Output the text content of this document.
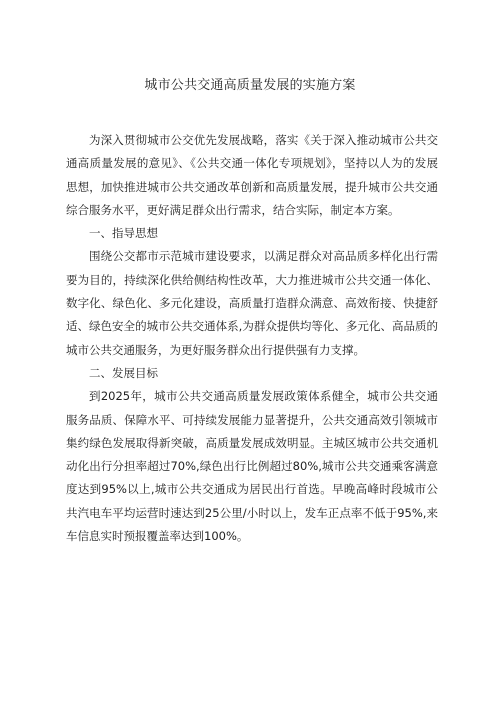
城市公共交通高质量发展的实施方案

为深入贯彻城市公交优先发展战略，落实《关于深入推动城市公共交通高质量发展的意见》、《公共交通一体化专项规划》，坚持以人为的发展思想，加快推进城市公共交通改革创新和高质量发展，提升城市公共交通综合服务水平，更好满足群众出行需求，结合实际，制定本方案。

一、指导思想

围绕公交都市示范城市建设要求，以满足群众对高品质多样化出行需要为目的，持续深化供给侧结构性改革，大力推进城市公共交通一体化、数字化、绿色化、多元化建设，高质量打造群众满意、高效衔接、快捷舒适、绿色安全的城市公共交通体系,为群众提供均等化、多元化、高品质的城市公共交通服务，为更好服务群众出行提供强有力支撑。

二、发展目标

到2025年，城市公共交通高质量发展政策体系健全，城市公共交通服务品质、保障水平、可持续发展能力显著提升，公共交通高效引领城市集约绿色发展取得新突破，高质量发展成效明显。主城区城市公共交通机动化出行分担率超过70%,绿色出行比例超过80%,城市公共交通乘客满意度达到95%以上,城市公共交通成为居民出行首选。早晚高峰时段城市公共汽电车平均运营时速达到25公里/小时以上，发车正点率不低于95%,来车信息实时预报覆盖率达到100%。
